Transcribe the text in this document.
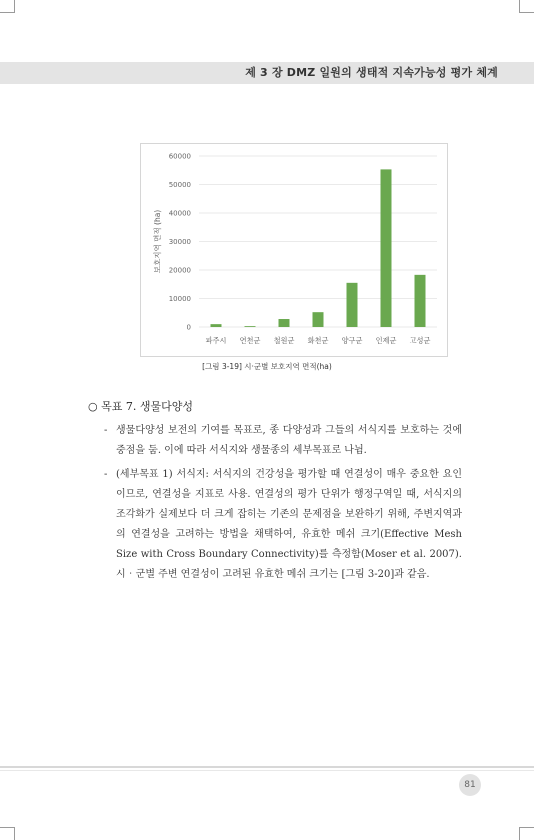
제 3 장 DMZ 일원의 생태적 지속가능성 평가 체계
0
10000
20000
30000
40000
50000
60000
보호지역 면적 (ha)
파주시 연천군 철원군 화천군 양구군 인제군 고성군
[그림 3-19] 시‧군별 보호지역 면적(ha)
○ 목표 7. 생물다양성
- 생물다양성 보전의 기여를 목표로, 종 다양성과 그들의 서식지를 보호하는 것에 중점을 둠. 이에 따라 서식지와 생물종의 세부목표로 나뉨.
- (세부목표 1) 서식지: 서식지의 건강성을 평가할 때 연결성이 매우 중요한 요인이므로, 연결성을 지표로 사용. 연결성의 평가 단위가 행정구역일 때, 서식지의 조각화가 실제보다 더 크게 잡히는 기존의 문제점을 보완하기 위해, 주변지역과의 연결성을 고려하는 방법을 채택하여, 유효한 메쉬 크기(Effective Mesh Size with Cross Boundary Connectivity)를 측정함(Moser et al. 2007). 시‧군별 주변 연결성이 고려된 유효한 메쉬 크기는 [그림 3-20]과 같음.
81
